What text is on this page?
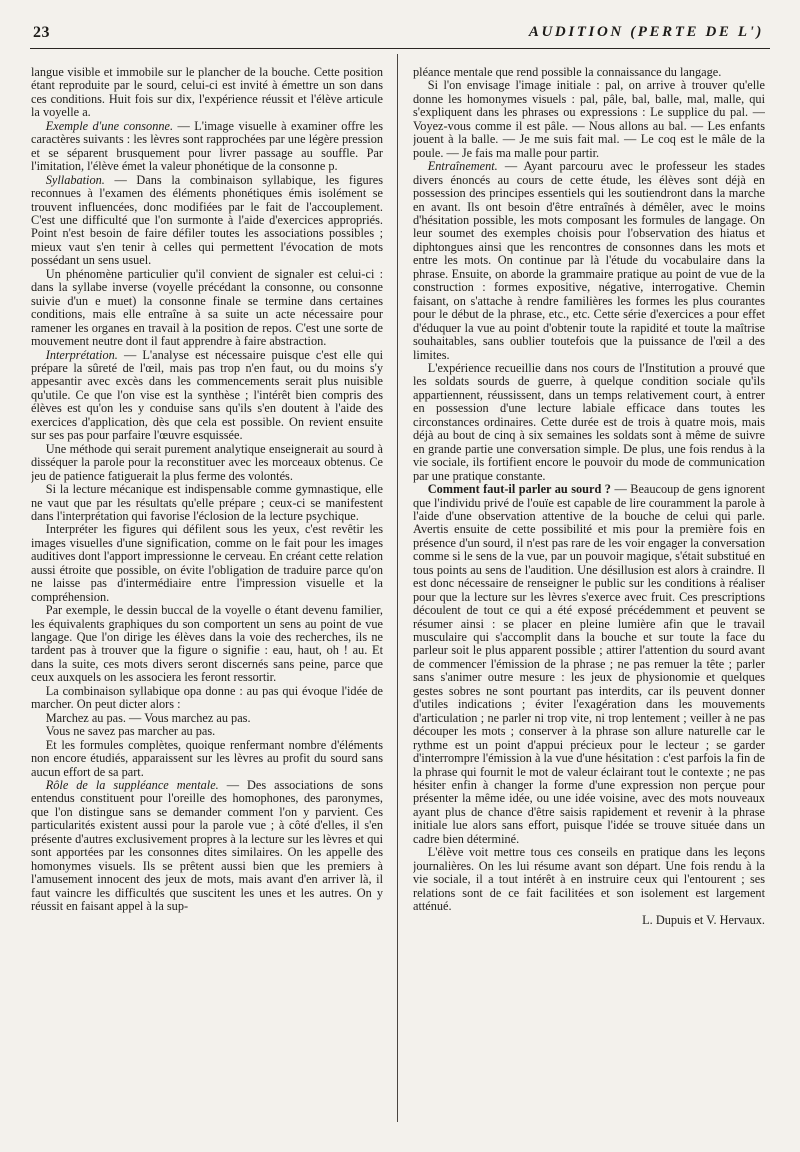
23	AUDITION (PERTE DE L')

langue visible et immobile sur le plancher de la bouche. Cette position étant reproduite par le sourd, celui-ci est invité à émettre un son dans ces conditions. Huit fois sur dix, l'expérience réussit et l'élève articule la voyelle a.

Exemple d'une consonne. — L'image visuelle à examiner offre les caractères suivants : les lèvres sont rapprochées par une légère pression et se séparent brusquement pour livrer passage au souffle. Par l'imitation, l'élève émet la valeur phonétique de la consonne p.

Syllabation. — Dans la combinaison syllabique, les figures reconnues à l'examen des éléments phonétiques émis isolément se trouvent influencées, donc modifiées par le fait de l'accouplement. C'est une difficulté que l'on surmonte à l'aide d'exercices appropriés. Point n'est besoin de faire défiler toutes les associations possibles ; mieux vaut s'en tenir à celles qui permettent l'évocation de mots possédant un sens usuel.

Un phénomène particulier qu'il convient de signaler est celui-ci : dans la syllabe inverse (voyelle précédant la consonne, ou consonne suivie d'un e muet) la consonne finale se termine dans certaines conditions, mais elle entraîne à sa suite un acte nécessaire pour ramener les organes en travail à la position de repos. C'est une sorte de mouvement neutre dont il faut apprendre à faire abstraction.

Interprétation. — L'analyse est nécessaire puisque c'est elle qui prépare la sûreté de l'œil, mais pas trop n'en faut, ou du moins s'y appesantir avec excès dans les commencements serait plus nuisible qu'utile. Ce que l'on vise est la synthèse ; l'intérêt bien compris des élèves est qu'on les y conduise sans qu'ils s'en doutent à l'aide des exercices d'application, dès que cela est possible. On revient ensuite sur ses pas pour parfaire l'œuvre esquissée.

Une méthode qui serait purement analytique enseignerait au sourd à disséquer la parole pour la reconstituer avec les morceaux obtenus. Ce jeu de patience fatiguerait la plus ferme des volontés.

Si la lecture mécanique est indispensable comme gymnastique, elle ne vaut que par les résultats qu'elle prépare ; ceux-ci se manifestent dans l'interprétation qui favorise l'éclosion de la lecture psychique.

Interpréter les figures qui défilent sous les yeux, c'est revêtir les images visuelles d'une signification, comme on le fait pour les images auditives dont l'apport impressionne le cerveau. En créant cette relation aussi étroite que possible, on évite l'obligation de traduire parce qu'on ne laisse pas d'intermédiaire entre l'impression visuelle et la compréhension.

Par exemple, le dessin buccal de la voyelle o étant devenu familier, les équivalents graphiques du son comportent un sens au point de vue langage. Que l'on dirige les élèves dans la voie des recherches, ils ne tardent pas à trouver que la figure o signifie : eau, haut, oh ! au. Et dans la suite, ces mots divers seront discernés sans peine, parce que ceux auxquels on les associera les feront ressortir.

La combinaison syllabique opa donne : au pas qui évoque l'idée de marcher. On peut dicter alors :

Marchez au pas. — Vous marchez au pas.

Vous ne savez pas marcher au pas.

Et les formules complètes, quoique renfermant nombre d'éléments non encore étudiés, apparaissent sur les lèvres au profit du sourd sans aucun effort de sa part.

Rôle de la suppléance mentale. — Des associations de sons entendus constituent pour l'oreille des homophones, des paronymes, que l'on distingue sans se demander comment l'on y parvient. Ces particularités existent aussi pour la parole vue ; à côté d'elles, il s'en présente d'autres exclusivement propres à la lecture sur les lèvres et qui sont apportées par les consonnes dites similaires. On les appelle des homonymes visuels. Ils se prêtent aussi bien que les premiers à l'amusement innocent des jeux de mots, mais avant d'en arriver là, il faut vaincre les difficultés que suscitent les unes et les autres. On y réussit en faisant appel à la sup-

pléance mentale que rend possible la connaissance du langage.

Si l'on envisage l'image initiale : pal, on arrive à trouver qu'elle donne les homonymes visuels : pal, pâle, bal, balle, mal, malle, qui s'expliquent dans les phrases ou expressions : Le supplice du pal. — Voyez-vous comme il est pâle. — Nous allons au bal. — Les enfants jouent à la balle. — Je me suis fait mal. — Le coq est le mâle de la poule. — Je fais ma malle pour partir.

Entraînement. — Ayant parcouru avec le professeur les stades divers énoncés au cours de cette étude, les élèves sont déjà en possession des principes essentiels qui les soutiendront dans la marche en avant. Ils ont besoin d'être entraînés à démêler, avec le moins d'hésitation possible, les mots composant les formules de langage. On leur soumet des exemples choisis pour l'observation des hiatus et diphtongues ainsi que les rencontres de consonnes dans les mots et entre les mots. On continue par là l'étude du vocabulaire dans la phrase. Ensuite, on aborde la grammaire pratique au point de vue de la construction : formes expositive, négative, interrogative. Chemin faisant, on s'attache à rendre familières les formes les plus courantes pour le début de la phrase, etc., etc. Cette série d'exercices a pour effet d'éduquer la vue au point d'obtenir toute la rapidité et toute la maîtrise souhaitables, sans oublier toutefois que la puissance de l'œil a des limites.

L'expérience recueillie dans nos cours de l'Institution a prouvé que les soldats sourds de guerre, à quelque condition sociale qu'ils appartiennent, réussissent, dans un temps relativement court, à entrer en possession d'une lecture labiale efficace dans toutes les circonstances ordinaires. Cette durée est de trois à quatre mois, mais déjà au bout de cinq à six semaines les soldats sont à même de suivre en grande partie une conversation simple. De plus, une fois rendus à la vie sociale, ils fortifient encore le pouvoir du mode de communication par une pratique constante.

Comment faut-il parler au sourd ? — Beaucoup de gens ignorent que l'individu privé de l'ouïe est capable de lire couramment la parole à l'aide d'une observation attentive de la bouche de celui qui parle. Avertis ensuite de cette possibilité et mis pour la première fois en présence d'un sourd, il n'est pas rare de les voir engager la conversation comme si le sens de la vue, par un pouvoir magique, s'était substitué en tous points au sens de l'audition. Une désillusion est alors à craindre. Il est donc nécessaire de renseigner le public sur les conditions à réaliser pour que la lecture sur les lèvres s'exerce avec fruit. Ces prescriptions découlent de tout ce qui a été exposé précédemment et peuvent se résumer ainsi : se placer en pleine lumière afin que le travail musculaire qui s'accomplit dans la bouche et sur toute la face du parleur soit le plus apparent possible ; attirer l'attention du sourd avant de commencer l'émission de la phrase ; ne pas remuer la tête ; parler sans s'animer outre mesure : les jeux de physionomie et quelques gestes sobres ne sont pourtant pas interdits, car ils peuvent donner d'utiles indications ; éviter l'exagération dans les mouvements d'articulation ; ne parler ni trop vite, ni trop lentement ; veiller à ne pas découper les mots ; conserver à la phrase son allure naturelle car le rythme est un point d'appui précieux pour le lecteur ; se garder d'interrompre l'émission à la vue d'une hésitation : c'est parfois la fin de la phrase qui fournit le mot de valeur éclairant tout le contexte ; ne pas hésiter enfin à changer la forme d'une expression non perçue pour présenter la même idée, ou une idée voisine, avec des mots nouveaux ayant plus de chance d'être saisis rapidement et revenir à la phrase initiale lue alors sans effort, puisque l'idée se trouve située dans un cadre bien déterminé.

L'élève voit mettre tous ces conseils en pratique dans les leçons journalières. On les lui résume avant son départ. Une fois rendu à la vie sociale, il a tout intérêt à en instruire ceux qui l'entourent ; ses relations sont de ce fait facilitées et son isolement est largement atténué.

L. Dupuis et V. Hervaux.
